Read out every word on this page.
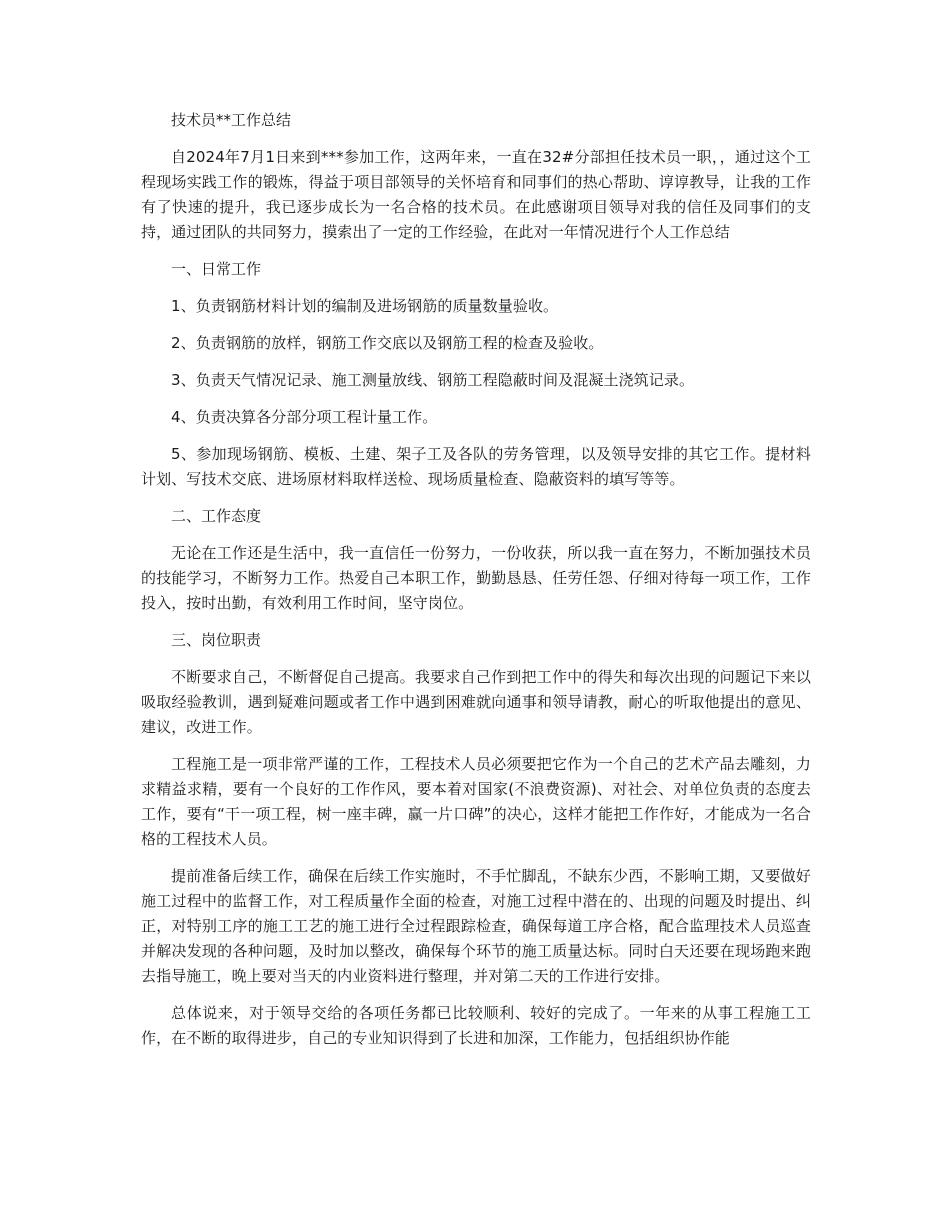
技术员**工作总结

自2024年7月1日来到***参加工作，这两年来，一直在32#分部担任技术员一职，，通过这个工程现场实践工作的锻炼，得益于项目部领导的关怀培育和同事们的热心帮助、谆谆教导，让我的工作有了快速的提升，我已逐步成长为一名合格的技术员。在此感谢项目领导对我的信任及同事们的支持，通过团队的共同努力，摸索出了一定的工作经验，在此对一年情况进行个人工作总结

一、日常工作

1、负责钢筋材料计划的编制及进场钢筋的质量数量验收。

2、负责钢筋的放样，钢筋工作交底以及钢筋工程的检查及验收。

3、负责天气情况记录、施工测量放线、钢筋工程隐蔽时间及混凝土浇筑记录。

4、负责决算各分部分项工程计量工作。

5、参加现场钢筋、模板、土建、架子工及各队的劳务管理，以及领导安排的其它工作。提材料计划、写技术交底、进场原材料取样送检、现场质量检查、隐蔽资料的填写等等。

二、工作态度

无论在工作还是生活中，我一直信任一份努力，一份收获，所以我一直在努力，不断加强技术员的技能学习，不断努力工作。热爱自己本职工作，勤勤恳恳、任劳任怨、仔细对待每一项工作，工作投入，按时出勤，有效利用工作时间，坚守岗位。

三、岗位职责

不断要求自己，不断督促自己提高。我要求自己作到把工作中的得失和每次出现的问题记下来以吸取经验教训，遇到疑难问题或者工作中遇到困难就向通事和领导请教，耐心的听取他提出的意见、建议，改进工作。

工程施工是一项非常严谨的工作，工程技术人员必须要把它作为一个自己的艺术产品去雕刻，力求精益求精，要有一个良好的工作作风，要本着对国家(不浪费资源)、对社会、对单位负责的态度去工作，要有“干一项工程，树一座丰碑，赢一片口碑”的决心，这样才能把工作作好，才能成为一名合格的工程技术人员。

提前准备后续工作，确保在后续工作实施时，不手忙脚乱，不缺东少西，不影响工期，又要做好施工过程中的监督工作，对工程质量作全面的检查，对施工过程中潜在的、出现的问题及时提出、纠正，对特别工序的施工工艺的施工进行全过程跟踪检查，确保每道工序合格，配合监理技术人员巡查并解决发现的各种问题，及时加以整改，确保每个环节的施工质量达标。同时白天还要在现场跑来跑去指导施工，晚上要对当天的内业资料进行整理，并对第二天的工作进行安排。

总体说来，对于领导交给的各项任务都已比较顺利、较好的完成了。一年来的从事工程施工工作，在不断的取得进步，自己的专业知识得到了长进和加深，工作能力，包括组织协作能
